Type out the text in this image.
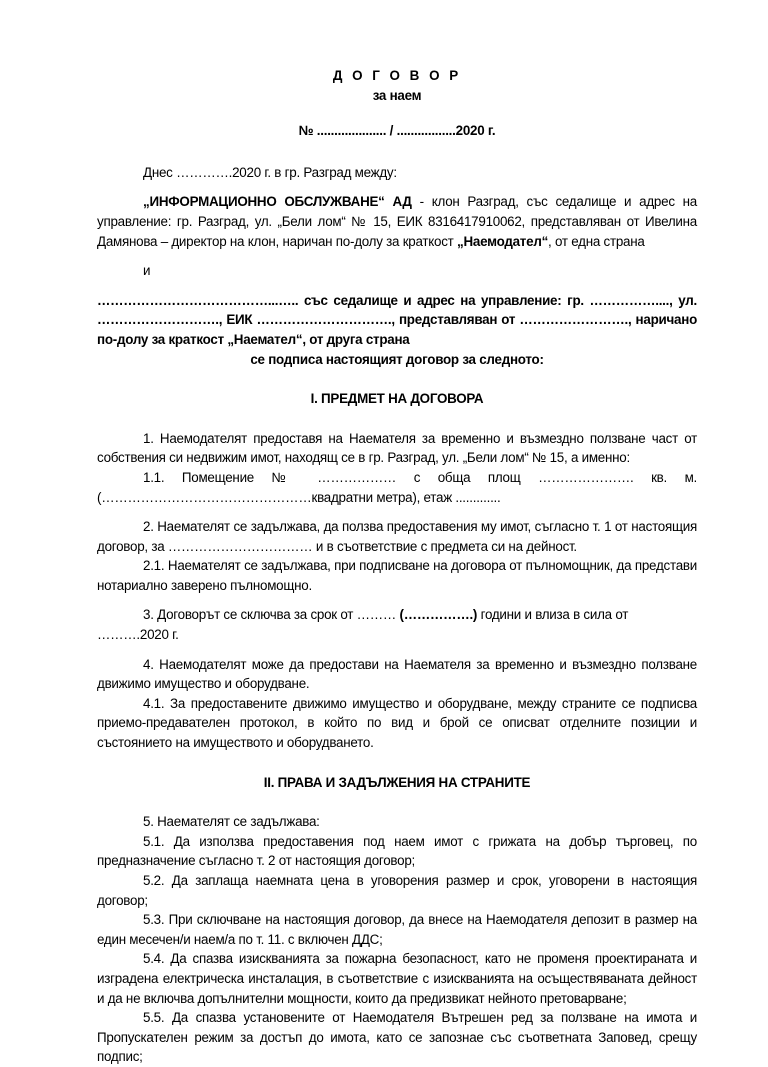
Д О Г О В О Р

за наем

№ .................... / .................2020 г.

Днес ………….2020 г. в гр. Разград между:

„ИНФОРМАЦИОННО ОБСЛУЖВАНЕ“ АД - клон Разград, със седалище и адрес на управление: гр. Разград, ул. „Бели лом“ № 15, ЕИК 8316417910062, представляван от Ивелина Дамянова – директор на клон, наричан по-долу за краткост „Наемодател“, от една страна

и

…………………………………...….. със седалище и адрес на управление: гр. ……………...., ул. ………………………., ЕИК …………………………., представляван от ……………………., наричано по-долу за краткост „Наемател“, от друга страна

се подписа настоящият договор за следното:

I. ПРЕДМЕТ НА ДОГОВОРА

1. Наемодателят предоставя на Наемателя за временно и възмездно ползване част от собствения си недвижим имот, находящ се в гр. Разград, ул. „Бели лом“ № 15, а именно:

1.1. Помещение № ……………… с обща площ …………………. кв. м. (…………………………………………квадратни метра), етаж .............

2. Наемателят се задължава, да ползва предоставения му имот, съгласно т. 1 от настоящия договор, за …………………………… и в съответствие с предмета си на дейност.

2.1. Наемателят се задължава, при подписване на договора от пълномощник, да представи нотариално заверено пълномощно.

3. Договорът се сключва за срок от ……… (…………….) години и влиза в сила от ……….2020 г.

4. Наемодателят може да предостави на Наемателя за временно и възмездно ползване движимо имущество и оборудване.

4.1. За предоставените движимо имущество и оборудване, между страните се подписва приемо-предавателен протокол, в който по вид и брой се описват отделните позиции и състоянието на имуществото и оборудването.

II. ПРАВА И ЗАДЪЛЖЕНИЯ НА СТРАНИТЕ

5. Наемателят се задължава:

5.1. Да използва предоставения под наем имот с грижата на добър търговец, по предназначение съгласно т. 2 от настоящия договор;

5.2. Да заплаща наемната цена в уговорения размер и срок, уговорени в настоящия договор;

5.3. При сключване на настоящия договор, да внесе на Наемодателя депозит в размер на един месечен/и наем/а по т. 11. с включен ДДС;

5.4. Да спазва изискванията за пожарна безопасност, като не променя проектираната и изградена електрическа инсталация, в съответствие с изискванията на осъществяваната дейност и да не включва допълнителни мощности, които да предизвикат нейното претоварване;

5.5. Да спазва установените от Наемодателя Вътрешен ред за ползване на имота и Пропускателен режим за достъп до имота, като се запознае със съответната Заповед, срещу подпис;
